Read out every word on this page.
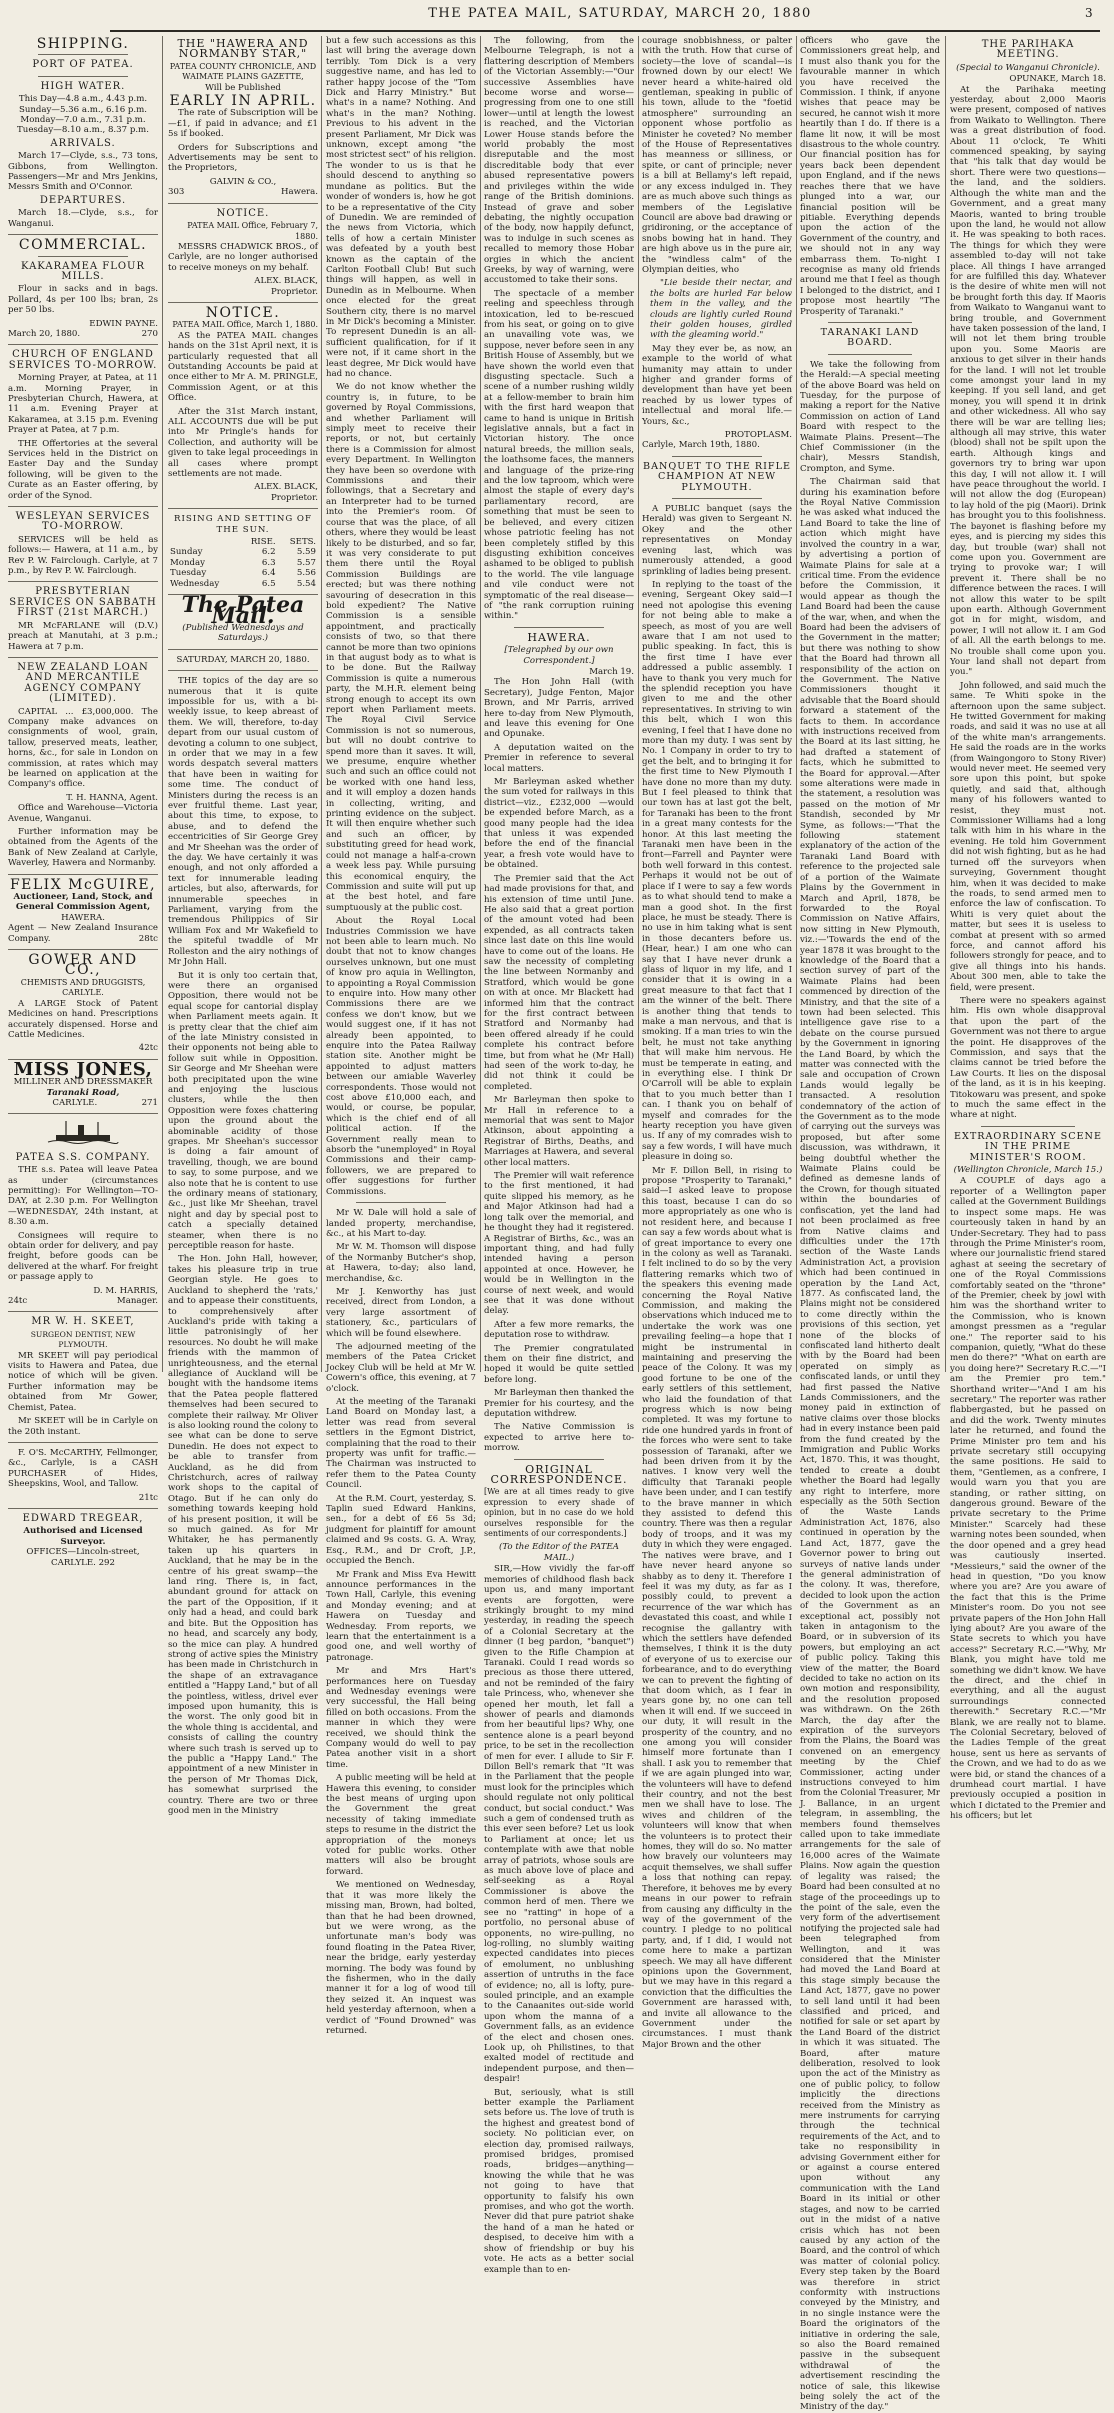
THE PATEA MAIL, SATURDAY, MARCH 20, 1880	3
SHIPPING.
PORT OF PATEA.
HIGH WATER.
This Day—4.8 a.m., 4.43 p.m.
Sunday—5.36 a.m., 6.16 p.m.
Monday—7.0 a.m., 7.31 p.m.
Tuesday—8.10 a.m., 8.37 p.m.
ARRIVALS.

March 17—Clyde, s.s., 73 tons, Gibbons, from Wellington. Passengers—Mr and Mrs Jenkins, Messrs Smith and O'Connor.

DEPARTURES.

March 18.—Clyde, s.s., for Wanganui.

COMMERCIAL.
KAKARAMEA FLOUR MILLS.

Flour in sacks and in bags. Pollard, 4s per 100 lbs; bran, 2s per 50 lbs.

EDWIN PAYNE.
March 20, 1880.	270
CHURCH OF ENGLAND SERVICES TO-MORROW.

Morning Prayer, at Patea, at 11 a.m. Morning Prayer, in Presbyterian Church, Hawera, at 11 a.m. Evening Prayer at Kakaramea, at 3.15 p.m. Evening Prayer at Patea, at 7 p.m.

THE Offertories at the several Services held in the District on Easter Day and the Sunday following, will be given to the Curate as an Easter offering, by order of the Synod.

WESLEYAN SERVICES TO-MORROW.

SERVICES will be held as follows:— Hawera, at 11 a.m., by Rev P. W. Fairclough. Carlyle, at 7 p.m., by Rev P. W. Fairclough.

PRESBYTERIAN SERVICES ON SABBATH FIRST (21st MARCH.)

MR McFARLANE will (D.V.) preach at Manutahi, at 3 p.m.; Hawera at 7 p.m.

NEW ZEALAND LOAN AND MERCANTILE AGENCY COMPANY (LIMITED).

CAPITAL ... £3,000,000. The Company make advances on consignments of wool, grain, tallow, preserved meats, leather, horns, &c., for sale in London on commission, at rates which may be learned on application at the Company's office.

T. H. HANNA, Agent.

Office and Warehouse—Victoria Avenue, Wanganui.

Further information may be obtained from the Agents of the Bank of New Zealand at Carlyle, Waverley, Hawera and Normanby.

FELIX McGUIRE,
Auctioneer, Land, Stock, and General Commission Agent,
HAWERA.
Agent — New Zealand Insurance Company.	28tc
GOWER AND CO.,
CHEMISTS AND DRUGGISTS, CARLYLE.

A LARGE Stock of Patent Medicines on hand. Prescriptions accurately dispensed. Horse and Cattle Medicines.

42tc
MISS JONES,
MILLINER AND DRESSMAKER
Taranaki Road,
CARLYLE.	271
PATEA S.S. COMPANY.

THE s.s. Patea will leave Patea as under (circumstances permitting): For Wellington—TO-DAY, at 2.30 p.m. For Wellington—WEDNESDAY, 24th instant, at 8.30 a.m.

Consignees will require to obtain order for delivery, and pay freight, before goods can be delivered at the wharf. For freight or passage apply to

D. M. HARRIS,
24tc	Manager.
MR W. H. SKEET,
SURGEON DENTIST, NEW PLYMOUTH.

MR SKEET will pay periodical visits to Hawera and Patea, due notice of which will be given. Further information may be obtained from Mr Gower, Chemist, Patea.

Mr SKEET will be in Carlyle on the 20th instant.

F. O'S. McCARTHY, Fellmonger, &c., Carlyle, is a CASH PURCHASER of Hides, Sheepskins, Wool, and Tallow.

21tc
EDWARD TREGEAR,
Authorised and Licensed Surveyor.
OFFICES—Lincoln-street, CARLYLE. 292
THE "HAWERA AND NORMANBY STAR,"
PATEA COUNTY CHRONICLE, AND WAIMATE PLAINS GAZETTE,
Will be Published
EARLY IN APRIL.

The rate of Subscription will be—£1, if paid in advance; and £1 5s if booked.

Orders for Subscriptions and Advertisements may be sent to the Proprietors,

GALVIN & CO.,
303	Hawera.
NOTICE.
PATEA MAIL Office, February 7, 1880.

MESSRS CHADWICK BROS., of Carlyle, are no longer authorised to receive moneys on my behalf.

ALEX. BLACK,
Proprietor.
NOTICE.
PATEA MAIL Office, March 1, 1880.

AS the PATEA MAIL changes hands on the 31st April next, it is particularly requested that all Outstanding Accounts be paid at once either to Mr A. M. PRINGLE, Commission Agent, or at this Office.

After the 31st March instant, ALL ACCOUNTS due will be put into Mr Pringle's hands for Collection, and authority will be given to take legal proceedings in all cases where prompt settlements are not made.

ALEX. BLACK,
Proprietor.
RISING AND SETTING OF THE SUN.
	RISE.	SETS.
Sunday	6.2	5.59
Monday	6.3	5.57
Tuesday	6.4	5.56
Wednesday	6.5	5.54
The Patea Mail.
(Published Wednesdays and Saturdays.)
SATURDAY, MARCH 20, 1880.

THE topics of the day are so numerous that it is quite impossible for us, with a bi-weekly issue, to keep abreast of them. We will, therefore, to-day depart from our usual custom of devoting a column to one subject, in order that we may in a few words despatch several matters that have been in waiting for some time. The conduct of Ministers during the recess is an ever fruitful theme. Last year, about this time, to expose, to abuse, and to defend the eccentricities of Sir George Grey and Mr Sheehan was the order of the day. We have certainly it was enough, and not only afforded a text for innumerable leading articles, but also, afterwards, for innumerable speeches in Parliament, varying from the tremendous Philippics of Sir William Fox and Mr Wakefield to the spiteful twaddle of Mr Rolleston and the airy nothings of Mr John Hall.

But it is only too certain that, were there an organised Opposition, there would not be equal scope for cantorial display when Parliament meets again. It is pretty clear that the chief aim of the late Ministry consisted in their opponents not being able to follow suit while in Opposition. Sir George and Mr Sheehan were both precipitated upon the wine and enjoying the luscious clusters, while the then Opposition were foxes chattering upon the ground about the abominable acidity of those grapes. Mr Sheehan's successor is doing a fair amount of travelling, though, we are bound to say, to some purpose, and we also note that he is content to use the ordinary means of stationary, &c., just like Mr Sheehan, travel night and day by special post to catch a specially detained steamer, when there is no perceptible reason for haste.

The Hon. John Hall, however, takes his pleasure trip in true Georgian style. He goes to Auckland to shepherd the 'rats,' and to appease their constituents, to comprehensively after Auckland's pride with taking a little patronisingly of her resources. No doubt he will make friends with the mammon of unrighteousness, and the eternal allegiance of Auckland will be bought with the handsome items that the Patea people flattered themselves had been secured to complete their railway. Mr Oliver is also looking round the colony to see what can be done to serve Dunedin. He does not expect to be able to transfer from Auckland, as he did from Christchurch, acres of railway work shops to the capital of Otago. But if he can only do something towards keeping hold of his present position, it will be so much gained. As for Mr Whitaker, he has permanently taken up his quarters in Auckland, that he may be in the centre of his great swamp—the land ring. There is, in fact, abundant ground for attack on the part of the Opposition, if it only had a head, and could bark and bite. But the Opposition has no head, and scarcely any body, so the mice can play. A hundred strong of active spies the Ministry has been made in Christchurch in the shape of an extravagance entitled a "Happy Land," but of all the pointless, witless, drivel ever imposed upon humanity, this is the worst. The only good bit in the whole thing is accidental, and consists of calling the country where such trash is served up to the public a "Happy Land." The appointment of a new Minister in the person of Mr Thomas Dick, has somewhat surprised the country. There are two or three good men in the Ministry

but a few such accessions as this last will bring the average down terribly. Tom Dick is a very suggestive name, and has led to rather happy jocose of the "Tom Dick and Harry Ministry." But what's in a name? Nothing. And what's in the man? Nothing. Previous to his advent in the present Parliament, Mr Dick was unknown, except among "the most strictest sect" of his religion. The wonder to us is that he should descend to anything so mundane as politics. But the wonder of wonders is, how he got to be a representative of the City of Dunedin. We are reminded of the news from Victoria, which tells of how a certain Minister was defeated by a youth best known as the captain of the Carlton Football Club! But such things will happen, as well in Dunedin as in Melbourne. When once elected for the great Southern city, there is no marvel in Mr Dick's becoming a Minister. To represent Dunedin is an all-sufficient qualification, for if it were not, if it came short in the least degree, Mr Dick would have had no chance.

We do not know whether the country is, in future, to be governed by Royal Commissions, and whether Parliament will simply meet to receive their reports, or not, but certainly there is a Commission for almost every Department. In Wellington they have been so overdone with Commissions and their followings, that a Secretary and an Interpreter had to be turned into the Premier's room. Of course that was the place, of all others, where they would be least likely to be disturbed, and so far, it was very considerate to put them there until the Royal Commission Buildings are erected; but was there nothing savouring of desecration in this bold expedient? The Native Commission is a sensible appointment, and practically consists of two, so that there cannot be more than two opinions in that august body as to what is to be done. But the Railway Commission is quite a numerous party, the M.H.R. element being strong enough to accept its own report when Parliament meets. The Royal Civil Service Commission is not so numerous, but will no doubt contrive to spend more than it saves. It will, we presume, enquire whether such and such an office could not be worked with one hand less, and it will employ a dozen hands in collecting, writing, and printing evidence on the subject. It will then enquire whether such and such an officer, by substituting greed for head work, could not manage a half-a-crown a week less pay. While pursuing this economical enquiry, the Commission and suite will put up at the best hotel, and fare sumptuously at the public cost.

About the Royal Local Industries Commission we have not been able to learn much. No doubt that not to know changes ourselves unknown, but one must of know pro aquia in Wellington, to appointing a Royal Commission to enquire into. How many other Commissions there are we confess we don't know, but we would suggest one, if it has not already been appointed, to enquire into the Patea Railway station site. Another might be appointed to adjust matters between our amiable Waverley correspondents. Those would not cost above £10,000 each, and would, or course, be popular, which is the chief end of all political action. If the Government really mean to absorb the "unemployed" in Royal Commissions and their camp-followers, we are prepared to offer suggestions for further Commissions.

Mr W. Dale will hold a sale of landed property, merchandise, &c., at his Mart to-day.

Mr W. M. Thomson will dispose of the Normanby Butcher's shop, at Hawera, to-day; also land, merchandise, &c.

Mr J. Kenworthy has just received, direct from London, a very large assortment of stationery, &c., particulars of which will be found elsewhere.

The adjourned meeting of the members of the Patea Cricket Jockey Club will be held at Mr W. Cowern's office, this evening, at 7 o'clock.

At the meeting of the Taranaki Land Board on Monday last, a letter was read from several settlers in the Egmont District, complaining that the road to their property was unfit for traffic.—The Chairman was instructed to refer them to the Patea County Council.

At the R.M. Court, yesterday, S. Taplin sued Edward Hankins, sen., for a debt of £6 5s 3d; judgment for plaintiff for amount claimed and 9s costs. G. A. Wray, Esq., R.M., and Dr Croft, J.P., occupied the Bench.

Mr Frank and Miss Eva Hewitt announce performances in the Town Hall, Carlyle, this evening and Monday evening; and at Hawera on Tuesday and Wednesday. From reports, we learn that the entertainment is a good one, and well worthy of patronage.

Mr and Mrs Hart's performances here on Tuesday and Wednesday evenings were very successful, the Hall being filled on both occasions. From the manner in which they were received, we should think the Company would do well to pay Patea another visit in a short time.

A public meeting will be held at Hawera this evening, to consider the best means of urging upon the Government the great necessity of taking immediate steps to resume in the district the appropriation of the moneys voted for public works. Other matters will also be brought forward.

We mentioned on Wednesday, that it was more likely the missing man, Brown, had bolted, than that he had been drowned, but we were wrong, as the unfortunate man's body was found floating in the Patea River, near the bridge, early yesterday morning. The body was found by the fishermen, who in the daily manner it for a log of wood till they seized it. An inquest was held yesterday afternoon, when a verdict of "Found Drowned" was returned.

The following, from the Melbourne Telegraph, is not a flattering description of Members of the Victorian Assembly:—"Our successive Assemblies have become worse and worse—progressing from one to one still lower—until at length the lowest is reached, and the Victorian Lower House stands before the world probably the most disreputable and the most discreditable body that ever abused representative powers and privileges within the wide range of the British dominions. Instead of grave and sober debating, the nightly occupation of the body, now happily defunct, was to indulge in such scenes as recalled to memory those Hobar orgies in which the ancient Greeks, by way of warning, were accustomed to take their sons.

The spectacle of a member reeling and speechless through intoxication, led to be-rescued from his seat, or going on to give an unavailing vote was, we suppose, never before seen in any British House of Assembly, but we have shown the world even that disgusting spectacle. Such a scene of a number rushing wildly at a fellow-member to brain him with the first hard weapon that came to hand is unique in British legislative annals, but a fact in Victorian history. The once natural breeds, the million seals, the loathsome faces, the manners and language of the prize-ring and the low taproom, which were almost the staple of every day's parliamentary record, are something that must be seen to be believed, and every citizen whose patriotic feeling has not been completely stifled by this disgusting exhibition conceives ashamed to be obliged to publish to the world. The vile language and vile conduct were not symptomatic of the real disease—of "the rank corruption ruining within."

HAWERA.
[Telegraphed by our own Correspondent.]
March 19.

The Hon John Hall (with Secretary), Judge Fenton, Major Brown, and Mr Parris, arrived here to-day from New Plymouth, and leave this evening for One and Opunake.

A deputation waited on the Premier in reference to several local matters.

Mr Barleyman asked whether the sum voted for railways in this district—viz., £232,000 —would be expended before March, as a good many people had the idea that unless it was expended before the end of the financial year, a fresh vote would have to be obtained.

The Premier said that the Act had made provisions for that, and his extension of time until June. He also said that a great portion of the amount voted had been expended, as all contracts taken since last date on this line would have to come out of the loans. He saw the necessity of completing the line between Normanby and Stratford, which would be gone on with at once. Mr Blackett had informed him that the contract for the first contract between Stratford and Normanby had been offered already if he could complete his contract before time, but from what he (Mr Hall) had seen of the work to-day, he did not think it could be completed.

Mr Barleyman then spoke to Mr Hall in reference to a memorial that was sent to Major Atkinson, about appointing a Registrar of Births, Deaths, and Marriages at Hawera, and several other local matters.

The Premier will wait reference to the first mentioned, it had quite slipped his memory, as he and Major Atkinson had had a long talk over the memorial, and he thought they had it registered. A Registrar of Births, &c., was an important thing, and had fully intended having a person appointed at once. However, he would be in Wellington in the course of next week, and would see that it was done without delay.

After a few more remarks, the deputation rose to withdraw.

The Premier congratulated them on their fine district, and hoped it would be quite settled before long.

Mr Barleyman then thanked the Premier for his courtesy, and the deputation withdrew.

The Native Commission is expected to arrive here to-morrow.

ORIGINAL CORRESPONDENCE.

[We are at all times ready to give expression to every shade of opinion, but in no case do we hold ourselves responsible for the sentiments of our correspondents.]

(To the Editor of the PATEA MAIL.)

SIR,—How vividly the far-off memories of childhood flash back upon us, and many important events are forgotten, were strikingly brought to my mind yesterday, in reading the speech of a Colonial Secretary at the dinner (I beg pardon, "banquet") given to the Rifle Champion at Taranaki. Could I read words so precious as those there uttered, and not be reminded of the fairy tale Princess, who, whenever she opened her mouth, let fall a shower of pearls and diamonds from her beautiful lips? Why, one sentence alone is a pearl beyond price, to be set in the recollection of men for ever. I allude to Sir F. Dillon Bell's remark that "It was in the Parliament that the people must look for the principles which should regulate not only political conduct, but social conduct." Was such a gem of condensed truth as this ever seen before? Let us look to Parliament at once; let us contemplate with awe that noble array of patriots, whose souls are as much above love of place and self-seeking as a Royal Commissioner is above the common herd of men. There we see no "ratting" in hope of a portfolio, no personal abuse of opponents, no wire-pulling, no log-rolling, no slumbly waiting expected candidates into pieces of emolument, no unblushing assertion of untruths in the face of evidence; no, all is lofty, pure-souled principle, and an example to the Canaanites out-side world upon whom the manna of a Government falls, as an evidence of the elect and chosen ones. Look up, oh Philistines, to that exalted model of rectitude and independent purpose, and then—despair!

But, seriously, what is still better example the Parliament sets before us. The love of truth is the highest and greatest bond of society. No politician ever, on election day, promised railways, promised bridges, promised roads, bridges—anything—knowing the while that he was not going to have that opportunity to falsify his own promises, and who got the worth. Never did that pure patriot shake the hand of a man he hated or despised, to deceive him with a show of friendship or buy his vote. He acts as a better social example than to en-

courage snobbishness, or palter with the truth. How that curse of society—the love of scandal—is frowned down by our elect! We never heard a white-haired old gentleman, speaking in public of his town, allude to the "foetid atmosphere" surrounding an opponent whose portfolio as Minister he coveted? No member of the House of Representatives has meanness or silliness, or spite, or cant of principle; never is a bill at Bellamy's left repaid, or any excess indulged in. They are as much above such things as members of the Legislative Council are above bad drawing or gridironing, or the acceptance of snobs bowing hat in hand. They are high above us in the pure air, the "windless calm" of the Olympian deities, who

"Lie beside their nectar, and the bolts are hurled Far below them in the valley, and the clouds are lightly curled Round their golden houses, girdled with the gleaming world."

May they ever be, as now, an example to the world of what humanity may attain to under higher and grander forms of development than have yet been reached by us lower types of intellectual and moral life.—Yours, &c.,

PROTOPLASM.
Carlyle, March 19th, 1880.
BANQUET TO THE RIFLE CHAMPION AT NEW PLYMOUTH.

A PUBLIC banquet (says the Herald) was given to Sergeant N. Okey and the other representatives on Monday evening last, which was numerously attended, a good sprinkling of ladies being present.

In replying to the toast of the evening, Sergeant Okey said—I need not apologise this evening for not being able to make a speech, as most of you are well aware that I am not used to public speaking. In fact, this is the first time I have ever addressed a public assembly. I have to thank you very much for the splendid reception you have given to me and the other representatives. In striving to win this belt, which I won this evening, I feel that I have done no more than my duty. I was sent by No. 1 Company in order to try to get the belt, and to bringing it for the first time to New Plymouth I have done no more than my duty. But I feel pleased to think that our town has at last got the belt, for Taranaki has been to the front in a great many contests for the honor. At this last meeting the Taranaki men have been in the front—Farrell and Paynter were both well forward in this contest. Perhaps it would not be out of place if I were to say a few words as to what should tend to make a man a good shot. In the first place, he must be steady. There is no use in him taking what is sent in those decanters before us. (Hear, hear.) I am one who can say that I have never drunk a glass of liquor in my life, and I consider that it is owing in a great measure to that fact that I am the winner of the belt. There is another thing that tends to make a man nervous, and that is smoking. If a man tries to win the belt, he must not take anything that will make him nervous. He must be temperate in eating, and in everything else. I think Dr O'Carroll will be able to explain that to you much better than I can. I thank you on behalf of myself and comrades for the hearty reception you have given us. If any of my comrades wish to say a few words, I will have much pleasure in doing so.

Mr F. Dillon Bell, in rising to propose "Prosperity to Taranaki," said—I asked leave to propose this toast, because I can do so more appropriately as one who is not resident here, and because I can say a few words about what is of great importance to every one in the colony as well as Taranaki. I felt inclined to do so by the very flattering remarks which two of the speakers this evening made concerning the Royal Native Commission, and making the observations which induced me to undertake the work was one prevailing feeling—a hope that I might be instrumental in maintaining and preserving the peace of the Colony. It was my good fortune to be one of the early settlers of this settlement, who laid the foundation of that progress which is now being completed. It was my fortune to ride one hundred yards in front of the forces who were sent to take possession of Taranaki, after we had been driven from it by the natives. I know very well the difficulty that Taranaki people have been under, and I can testify to the brave manner in which they assisted to defend this country. There was then a regular body of troops, and it was my duty in which they were engaged. The natives were brave, and I have never heard anyone so shabby as to deny it. Therefore I feel it was my duty, as far as I possibly could, to prevent a recurrence of the war which has devastated this coast, and while I recognise the gallantry with which the settlers have defended themselves, I think it is the duty of everyone of us to exercise our forbearance, and to do everything we can to prevent the fighting of that doom which, as I fear in years gone by, no one can tell when it will end. If we succeed in our duty, it will result in the prosperity of the country, and no one among you will consider himself more fortunate than I shall. I ask you to remember that if we are again plunged into war, the volunteers will have to defend their country, and not the best men we shall have to lose. The wives and children of the volunteers will know that when the volunteers is to protect their homes, they will do so. No matter how bravely our volunteers may acquit themselves, we shall suffer a loss that nothing can repay. Therefore, it behoves me by every means in our power to refrain from causing any difficulty in the way of the government of the country. I pledge to no political party, and, if I did, I would not come here to make a partizan speech. We may all have different opinions upon the Government, but we may have in this regard a conviction that the difficulties the Government are harassed with, and invite all allowance to the Government under the circumstances. I must thank Major Brown and the other

officers who gave the Commissioners great help, and I must also thank you for the favourable manner in which you have received the Commission. I think, if anyone wishes that peace may be secured, he cannot wish it more heartily than I do. If there is a flame lit now, it will be most disastrous to the whole country. Our financial position has for years back been dependent upon England, and if the news reaches there that we have plunged into a war, our financial position will be pitiable. Everything depends upon the action of the Government of the country, and we should not in any way embarrass them. To-night I recognise as many old friends around me that I feel as though I belonged to the district, and I propose most heartily "The Prosperity of Taranaki."

TARANAKI LAND BOARD.

We take the following from the Herald:—A special meeting of the above Board was held on Tuesday, for the purpose of making a report for the Native Commission on action of Land Board with respect to the Waimate Plains. Present—The Chief Commissioner (in the chair), Messrs Standish, Crompton, and Syme.

The Chairman said that during his examination before the Royal Native Commission he was asked what induced the Land Board to take the line of action which might have involved the country in a war, by advertising a portion of Waimate Plains for sale at a critical time. From the evidence before the Commission, it would appear as though the Land Board had been the cause of the war, when, and when the Board had been the advisers of the Government in the matter; but there was nothing to show that the Board had thrown all responsibility of the action on the Government. The Native Commissioners thought it advisable that the Board should forward a statement of the facts to them. In accordance with instructions received from the Board at its last sitting, he had drafted a statement of facts, which he submitted to the Board for approval.—After some alterations were made in the statement, a resolution was passed on the motion of Mr Standish, seconded by Mr Syme, as follows:—"That the following statement explanatory of the action of the Taranaki Land Board with reference to the projected sale of a portion of the Waimate Plains by the Government in March and April, 1878, be forwarded to the Royal Commission on Native Affairs, now sitting in New Plymouth, viz.:—'Towards the end of the year 1878 it was brought to the knowledge of the Board that a section survey of part of the Waimate Plains had been commenced by direction of the Ministry, and that the site of a town had been selected. This intelligence gave rise to a debate on the course pursued by the Government in ignoring the Land Board, by which the matter was connected with the sale and occupation of Crown Lands would legally be transacted. A resolution condemnatory of the action of the Government as to the mode of carrying out the surveys was proposed, but after some discussion, was withdrawn, it being doubtful whether the Waimate Plains could be defined as demesne lands of the Crown, for though situated within the boundaries of confiscation, yet the land had not been proclaimed as free from Native claims and difficulties under the 17th section of the Waste Lands Administration Act, a provision which had been continued in operation by the Land Act, 1877. As confiscated land, the Plains might not be considered to come directly within the provisions of this section, yet none of the blocks of confiscated land hitherto dealt with by the Board had been operated on simply as confiscated lands, or until they had first passed the Native Lands Commissioners, and the money paid in extinction of native claims over those blocks had in every instance been paid from the fund created by the Immigration and Public Works Act, 1870. This, it was thought, tended to create a doubt whether the Board had legally any right to interfere, more especially as the 50th Section of the Waste Lands Administration Act, 1876, also continued in operation by the Land Act, 1877, gave the Governor power to bring out surveys of native lands under the general administration of the colony. It was, therefore, decided to look upon the action of the Government as an exceptional act, possibly not taken in antagonism to the Board, or in subversion of its powers, but employing an act of public policy. Taking this view of the matter, the Board decided to take no action on its own motion and responsibility, and the resolution proposed was withdrawn. On the 26th March, the day after the expiration of the surveyors from the Plains, the Board was convened on an emergency meeting by the Chief Commissioner, acting under instructions conveyed to him from the Colonial Treasurer, Mr J. Ballance, in an urgent telegram, in assembling, the members found themselves called upon to take immediate arrangements for the sale of 16,000 acres of the Waimate Plains. Now again the question of legality was raised; the Board had been consulted at no stage of the proceedings up to the point of the sale, even the very form of the advertisement notifying the projected sale had been telegraphed from Wellington, and it was considered that the Minister had moved the Land Board at this stage simply because the Land Act, 1877, gave no power to sell land until it had been classified and priced, and notified for sale or set apart by the Land Board of the district in which it was situated. The Board, after mature deliberation, resolved to look upon the act of the Ministry as one of public policy, to follow implicitly the directions received from the Ministry as mere instruments for carrying through the technical requirements of the Act, and to take no responsibility in advising Government either for or against a course entered upon without any communication with the Land Board in its initial or other stages, and now to be carried out in the midst of a native crisis which has not been caused by any action of the Board, and the control of which was matter of colonial policy. Every step taken by the Board was therefore in strict conformity with instructions conveyed by the Ministry, and in no single instance were the Board the originators of the initiative in ordering the sale, so also the Board remained passive in the subsequent withdrawal of the advertisement rescinding the notice of sale, this likewise being solely the act of the Ministry of the day."

THE PARIHAKA MEETING.
(Special to Wanganui Chronicle).
OPUNAKE, March 18.

At the Parihaka meeting yesterday, about 2,000 Maoris were present, composed of natives from Waikato to Wellington. There was a great distribution of food. About 11 o'clock, Te Whiti commenced speaking, by saying that "his talk that day would be short. There were two questions—the land, and the soldiers. Although the white man and the Government, and a great many Maoris, wanted to bring trouble upon the land, he would not allow it. He was speaking to both races. The things for which they were assembled to-day will not take place. All things I have arranged for are fulfilled this day. Whatever is the desire of white men will not be brought forth this day. If Maoris from Waikato to Wanganui want to bring trouble, and Government have taken possession of the land, I will not let them bring trouble upon you. Some Maoris are anxious to get silver in their hands for the land. I will not let trouble come amongst your land in my keeping. If you sell land, and get money, you will spend it in drink and other wickedness. All who say there will be war are telling lies; although all may strive, this water (blood) shall not be spilt upon the earth. Although kings and governors try to bring war upon this day, I will not allow it. I will have peace throughout the world. I will not allow the dog (European) to lay hold of the pig (Maori). Drink has brought you to this foolishness. The bayonet is flashing before my eyes, and is piercing my sides this day, but trouble (war) shall not come upon you. Government are trying to provoke war; I will prevent it. There shall be no difference between the races. I will not allow this water to be spilt upon earth. Although Government got in for might, wisdom, and power, I will not allow it. I am God of all. All the earth belongs to me. No trouble shall come upon you. Your land shall not depart from you."

John followed, and said much the same. Te Whiti spoke in the afternoon upon the same subject. He twitted Government for making roads, and said it was no use at all of the white man's arrangements. He said the roads are in the works (from Waingongoro to Stony River) would never meet. He seemed very sore upon this point, but spoke quietly, and said that, although many of his followers wanted to resist, they must not. Commissioner Williams had a long talk with him in his whare in the evening. He told him Government did not wish fighting, but as he had turned off the surveyors when surveying, Government thought him, when it was decided to make the roads, to send armed men to enforce the law of confiscation. To Whiti is very quiet about the matter, but sees it is useless to combat at present with so armed force, and cannot afford his followers strongly for peace, and to give all things into his hands. About 300 men, able to take the field, were present.

There were no speakers against him. His own whole disapproval that upon the part of the Government was not there to argue the point. He disapproves of the Commission, and says that the claims cannot be tried before the Law Courts. It lies on the disposal of the land, as it is in his keeping. Titokowaru was present, and spoke to much the same effect in the whare at night.

EXTRAORDINARY SCENE IN THE PRIME MINISTER'S ROOM.
(Wellington Chronicle, March 15.)

A COUPLE of days ago a reporter of a Wellington paper called at the Government Buildings to inspect some maps. He was courteously taken in hand by an Under-Secretary. They had to pass through the Prime Minister's room, where our journalistic friend stared aghast at seeing the secretary of one of the Royal Commissions comfortably seated on the "throne" of the Premier, cheek by jowl with him was the shorthand writer to the Commission, who is known amongst pressmen as a "regular one." The reporter said to his companion, quietly, "What do these men do there?" "What on earth are you doing here?" Secretary R.C.—"I am the Premier pro tem." Shorthand writer—"And I am his secretary." The reporter was rather flabbergasted, but he passed on and did the work. Twenty minutes later he returned, and found the Prime Minister pro tem and his private secretary still occupying the same positions. He said to them, "Gentlemen, as a confrere, I would warn you that you are standing, or rather sitting, on dangerous ground. Beware of the private secretary to the Prime Minister." Scarcely had these warning notes been sounded, when the door opened and a grey head was cautiously inserted. "Messieurs," said the owner of the head in question, "Do you know where you are? Are you aware of the fact that this is the Prime Minister's room. Do you not see private papers of the Hon John Hall lying about? Are you aware of the State secrets to which you have access?" Secretary R.C.—"Why, Mr Blank, you might have told me something we didn't know. We have the direct, and the chief in everything, and all the august surroundings connected therewith." Secretary R.C.—"Mr Blank, we are really not to blame. The Colonial Secretary, beloved of the Ladies Temple of the great house, sent us here as servants of the Crown, and we had to do as we were bid, or stand the chances of a drumhead court martial. I have previously occupied a position in which I dictated to the Premier and his officers; but let
